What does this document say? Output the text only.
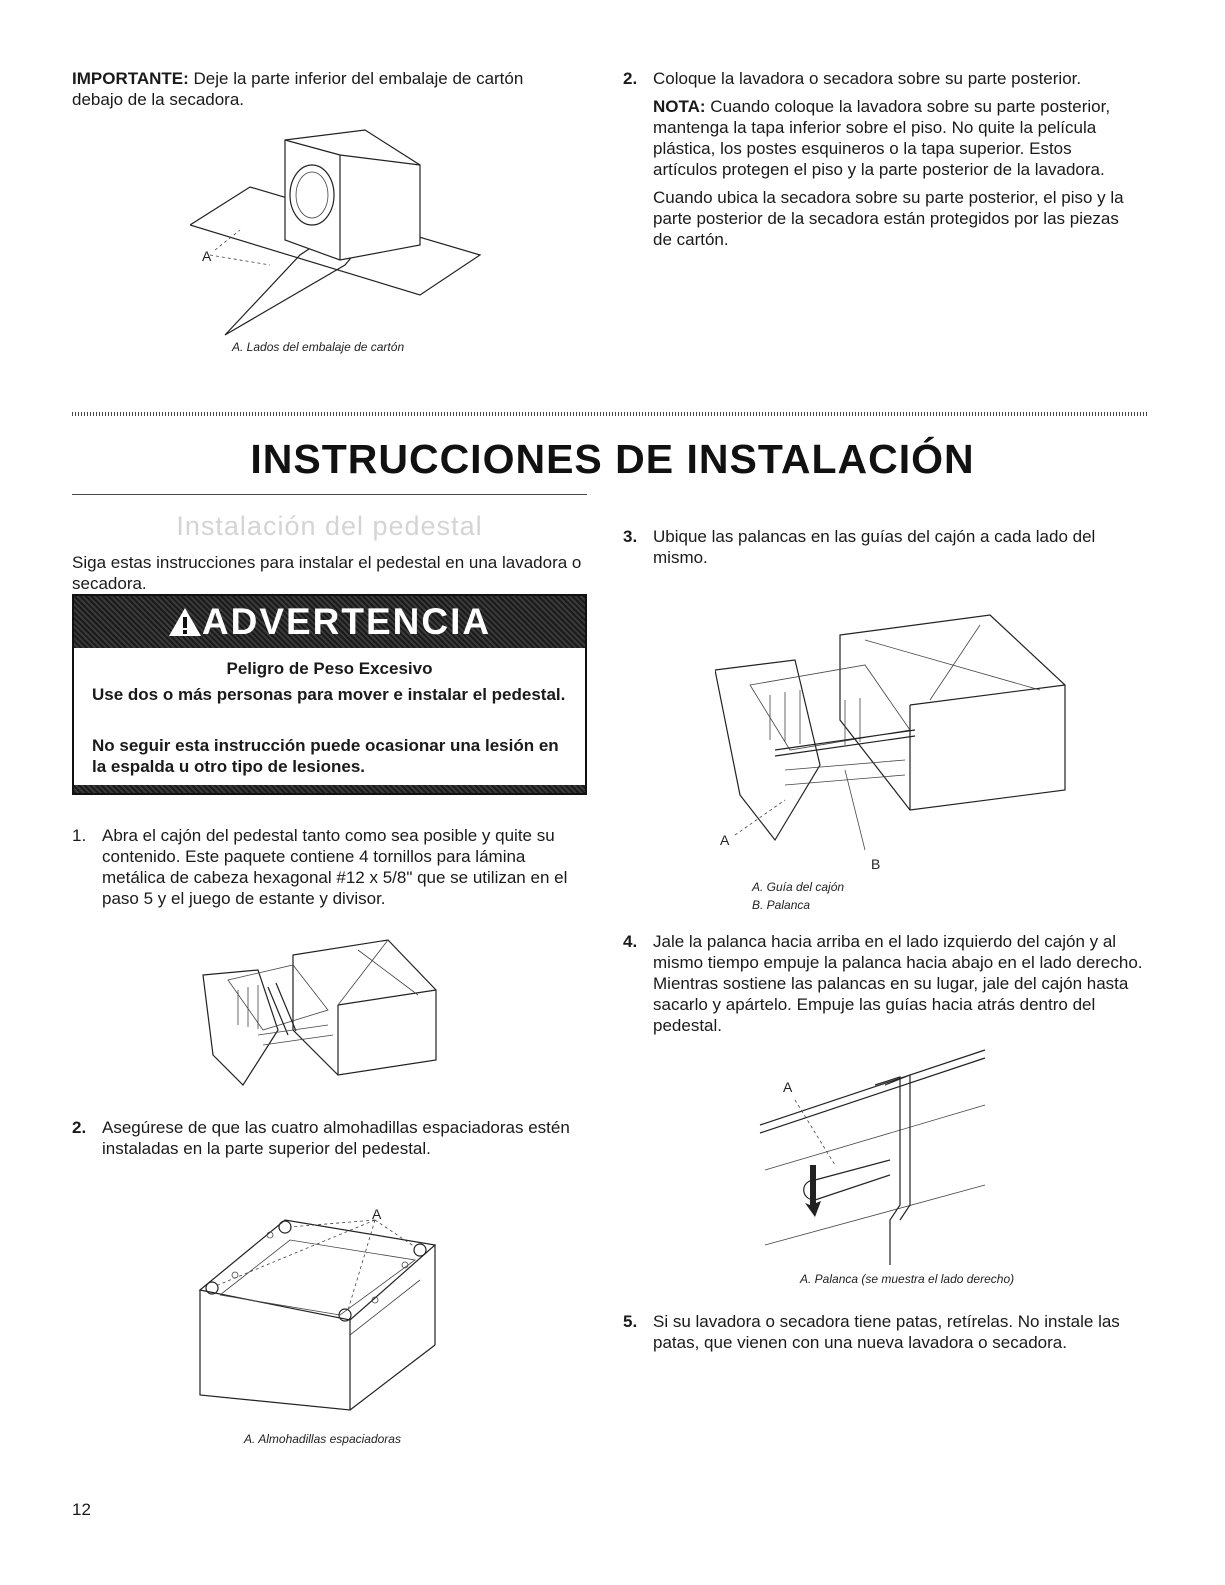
IMPORTANTE: Deje la parte inferior del embalaje de cartón
debajo de la secadora.
A
A. Lados del embalaje de cartón
2. Coloque la lavadora o secadora sobre su parte posterior.
NOTA: Cuando coloque la lavadora sobre su parte posterior, mantenga la tapa inferior sobre el piso. No quite la película plástica, los postes esquineros o la tapa superior. Estos artículos protegen el piso y la parte posterior de la lavadora.
Cuando ubica la secadora sobre su parte posterior, el piso y la parte posterior de la secadora están protegidos por las piezas de cartón.
INSTRUCCIONES DE INSTALACIÓN
Instalación del pedestal
Siga estas instrucciones para instalar el pedestal en una lavadora o secadora.
ADVERTENCIA
Peligro de Peso Excesivo
Use dos o más personas para mover e instalar el pedestal.
No seguir esta instrucción puede ocasionar una lesión en la espalda u otro tipo de lesiones.
1. Abra el cajón del pedestal tanto como sea posible y quite su contenido. Este paquete contiene 4 tornillos para lámina metálica de cabeza hexagonal #12 x 5/8" que se utilizan en el paso 5 y el juego de estante y divisor.
2. Asegúrese de que las cuatro almohadillas espaciadoras estén instaladas en la parte superior del pedestal.
A
A. Almohadillas espaciadoras
3. Ubique las palancas en las guías del cajón a cada lado del mismo.
A
B
A. Guía del cajón
B. Palanca
4. Jale la palanca hacia arriba en el lado izquierdo del cajón y al mismo tiempo empuje la palanca hacia abajo en el lado derecho. Mientras sostiene las palancas en su lugar, jale del cajón hasta sacarlo y apártelo. Empuje las guías hacia atrás dentro del pedestal.
A
A. Palanca (se muestra el lado derecho)
5. Si su lavadora o secadora tiene patas, retírelas. No instale las patas, que vienen con una nueva lavadora o secadora.
12
